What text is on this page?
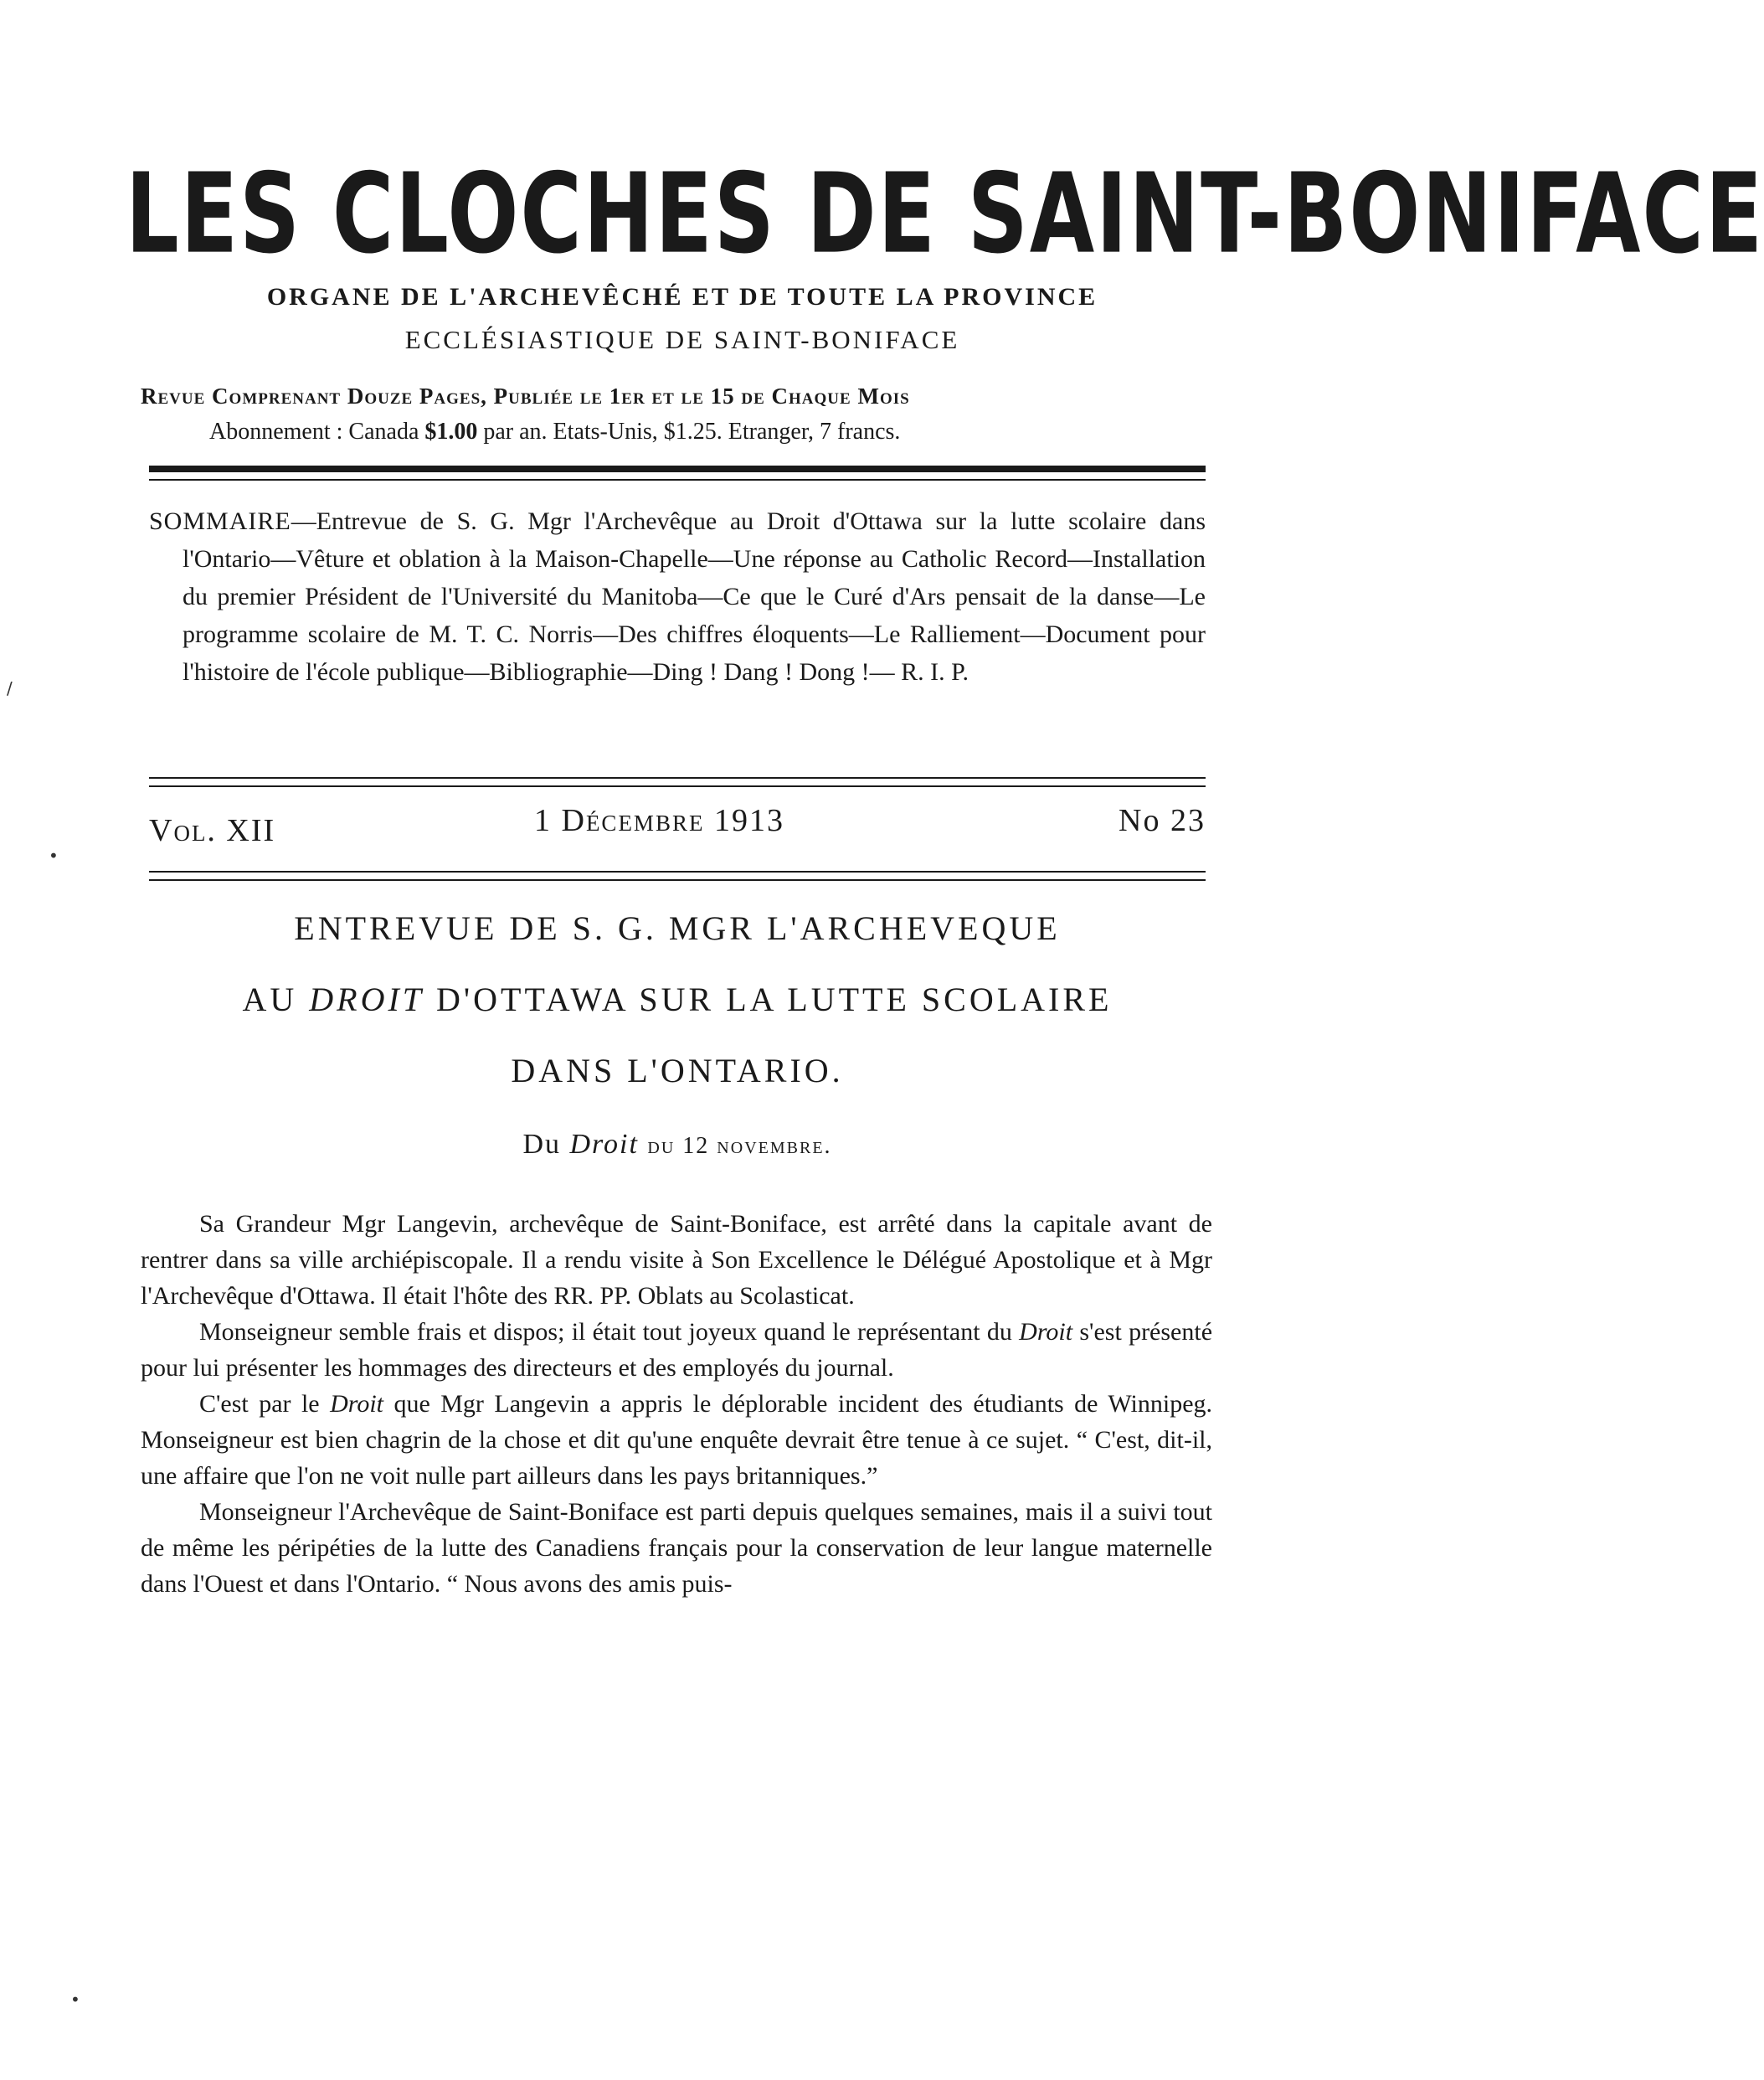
LES CLOCHES DE SAINT-BONIFACE
ORGANE DE L'ARCHEVÊCHÉ ET DE TOUTE LA PROVINCE
ECCLÉSIASTIQUE DE SAINT-BONIFACE
Revue Comprenant Douze Pages, Publiée le 1er et le 15 de Chaque Mois
Abonnement : Canada $1.00 par an. Etats-Unis, $1.25. Etranger, 7 francs.
SOMMAIRE—Entrevue de S. G. Mgr l'Archevêque au Droit d'Ottawa sur la lutte scolaire dans l'Ontario—Vêture et oblation à la Maison-Chapelle—Une réponse au Catholic Record—Installation du premier Président de l'Université du Manitoba—Ce que le Curé d'Ars pensait de la danse—Le programme scolaire de M. T. C. Norris—Des chiffres éloquents—Le Ralliement—Document pour l'histoire de l'école publique—Bibliographie—Ding ! Dang ! Dong !— R. I. P.
Vol. XII	1 Décembre 1913	No 23
ENTREVUE DE S. G. MGR L'ARCHEVEQUE
AU DROIT D'OTTAWA SUR LA LUTTE SCOLAIRE
DANS L'ONTARIO.
Du Droit du 12 novembre.

Sa Grandeur Mgr Langevin, archevêque de Saint-Boniface, est arrêté dans la capitale avant de rentrer dans sa ville archiépiscopale. Il a rendu visite à Son Excellence le Délégué Apostolique et à Mgr l'Archevêque d'Ottawa. Il était l'hôte des RR. PP. Oblats au Scolasticat.

Monseigneur semble frais et dispos; il était tout joyeux quand le représentant du Droit s'est présenté pour lui présenter les hommages des directeurs et des employés du journal.

C'est par le Droit que Mgr Langevin a appris le déplorable incident des étudiants de Winnipeg. Monseigneur est bien chagrin de la chose et dit qu'une enquête devrait être tenue à ce sujet. “ C'est, dit-il, une affaire que l'on ne voit nulle part ailleurs dans les pays britanniques.”

Monseigneur l'Archevêque de Saint-Boniface est parti depuis quelques semaines, mais il a suivi tout de même les péripéties de la lutte des Canadiens français pour la conservation de leur langue maternelle dans l'Ouest et dans l'Ontario. “ Nous avons des amis puis-

/
•
•
